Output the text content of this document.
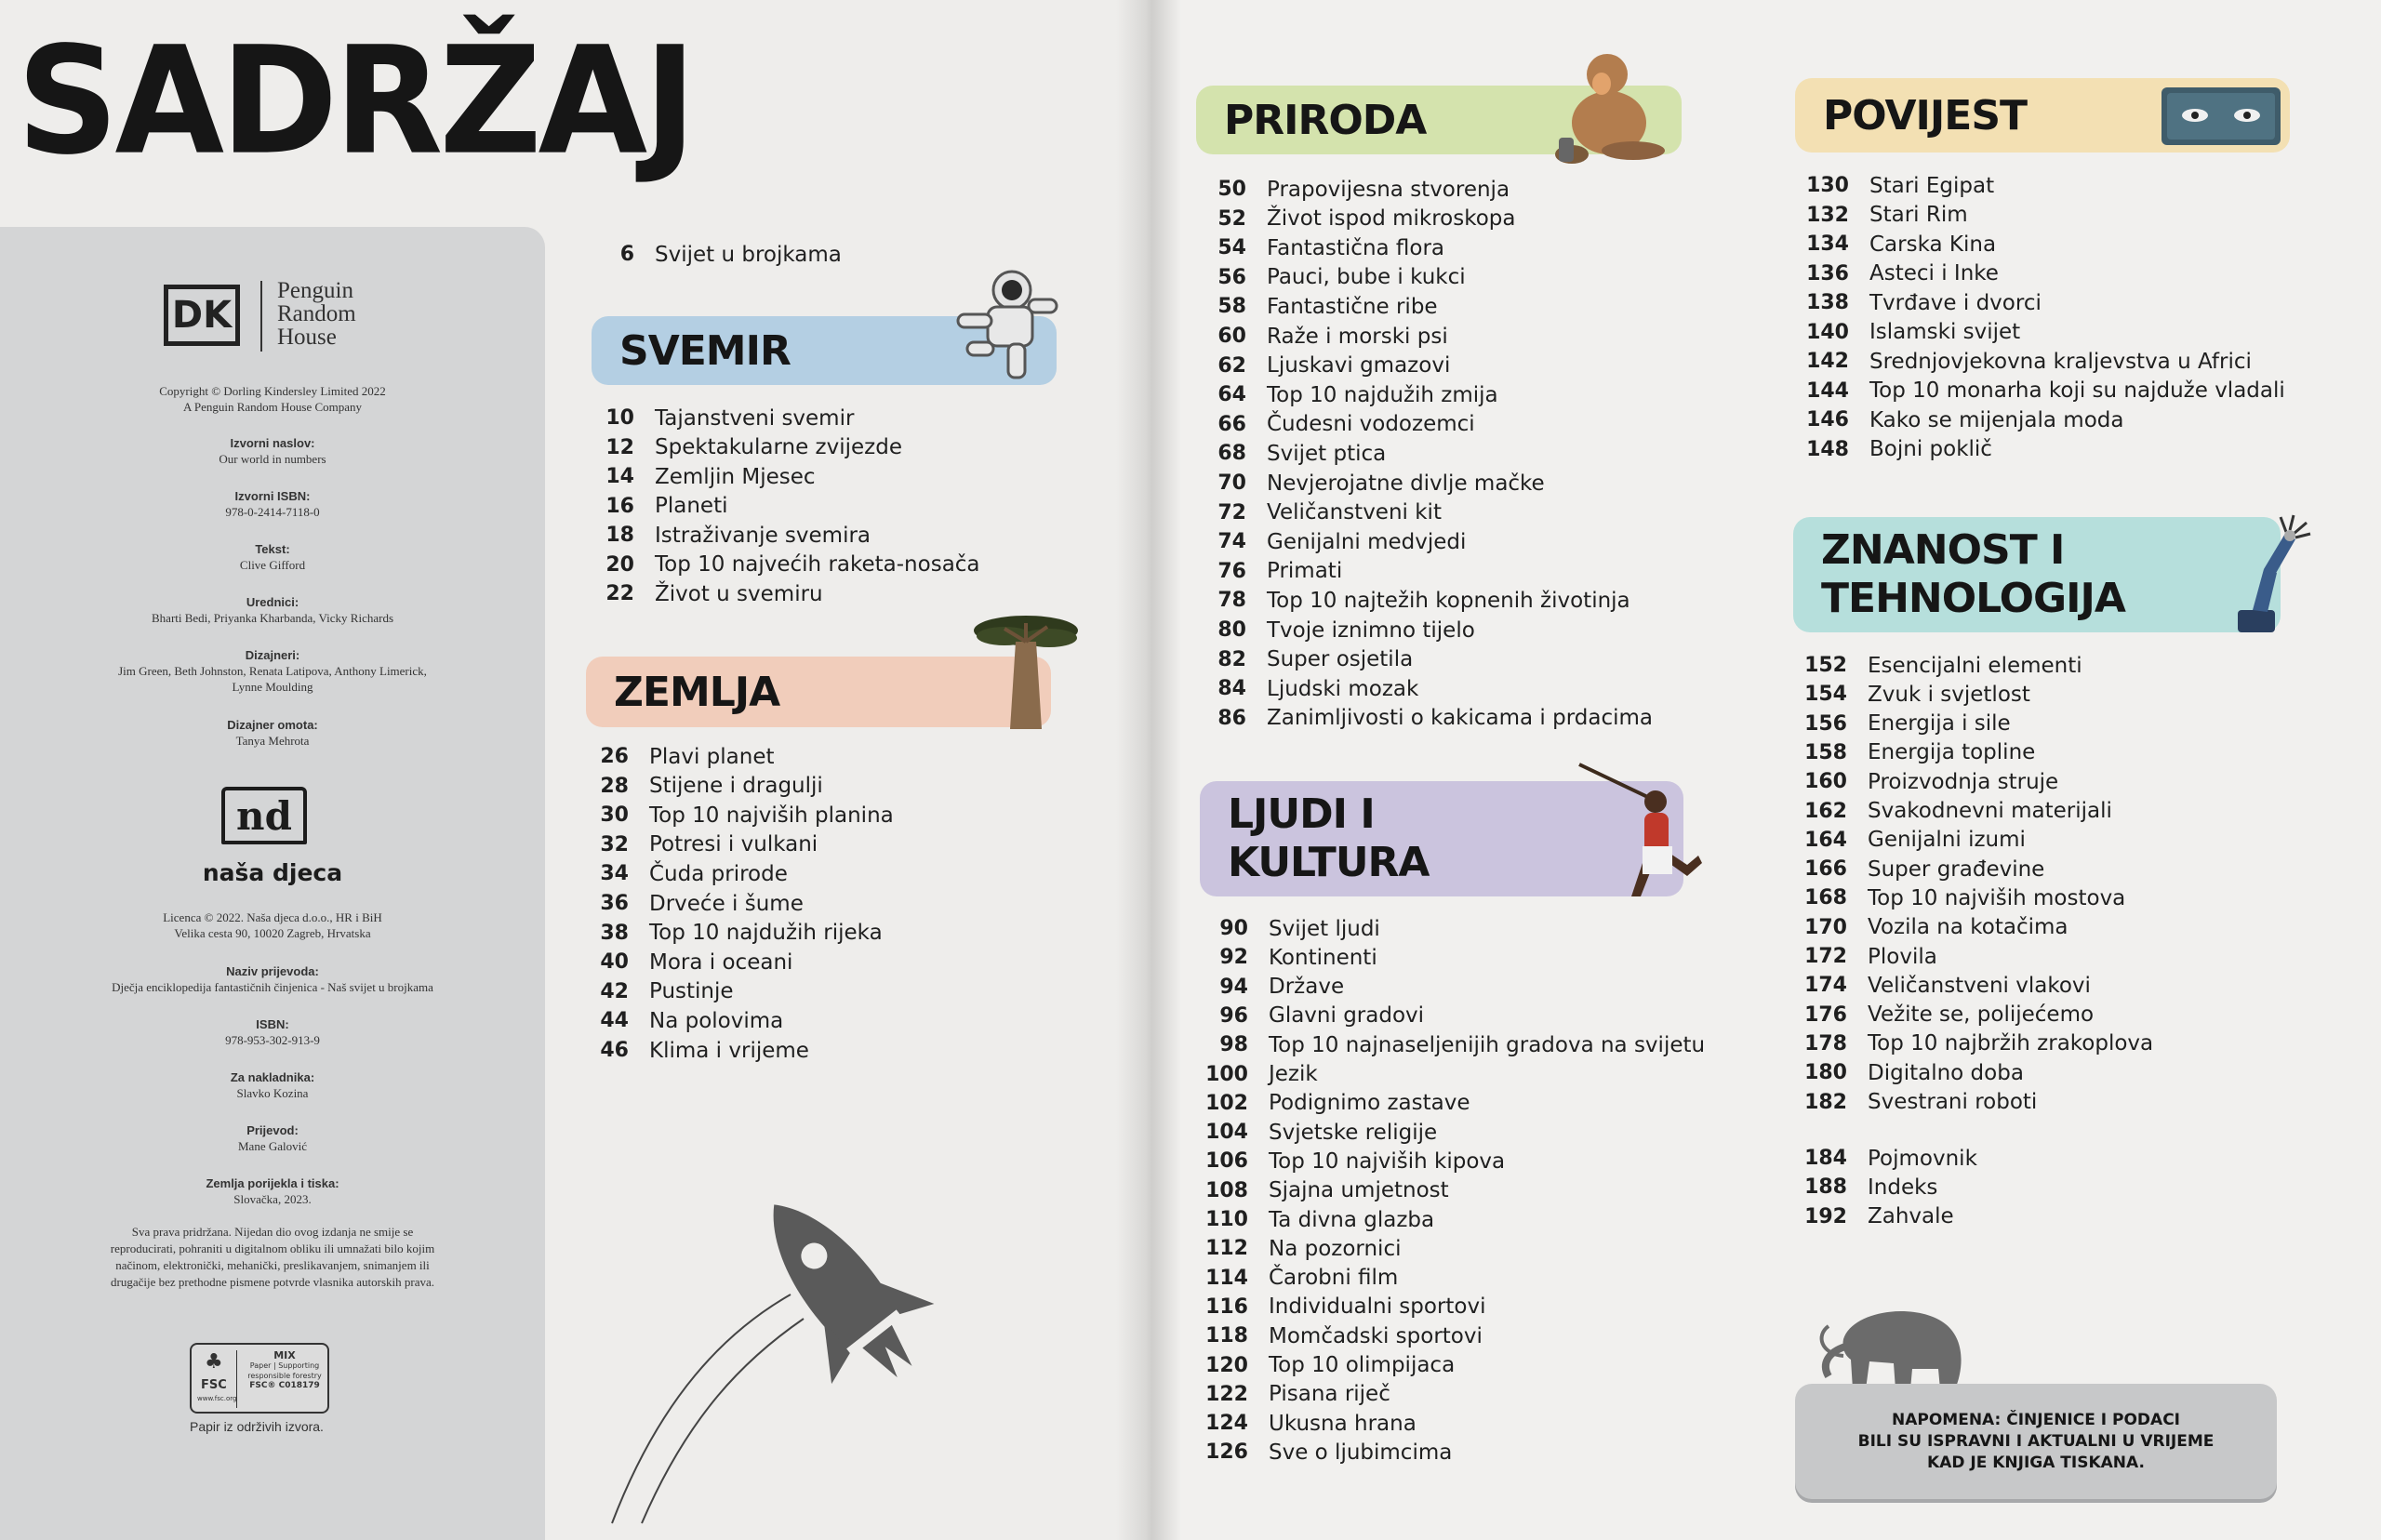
SADRŽAJ
DK
Penguin
Random
House
Copyright © Dorling Kindersley Limited 2022
A Penguin Random House Company
Izvorni naslov:
Our world in numbers
Izvorni ISBN:
978-0-2414-7118-0
Tekst:
Clive Gifford
Urednici:
Bharti Bedi, Priyanka Kharbanda, Vicky Richards
Dizajneri:
Jim Green, Beth Johnston, Renata Latipova, Anthony Limerick,
Lynne Moulding
Dizajner omota:
Tanya Mehrota
nd
naša djeca
Licenca © 2022. Naša djeca d.o.o., HR i BiH
Velika cesta 90, 10020 Zagreb, Hrvatska
Naziv prijevoda:
Dječja enciklopedija fantastičnih činjenica - Naš svijet u brojkama
ISBN:
978-953-302-913-9
Za nakladnika:
Slavko Kozina
Prijevod:
Mane Galović
Zemlja porijekla i tiska:
Slovačka, 2023.
Sva prava pridržana. Nijedan dio ovog izdanja ne smije se
reproducirati, pohraniti u digitalnom obliku ili umnažati bilo kojim
načinom, elektronički, mehanički, preslikavanjem, snimanjem ili
drugačije bez prethodne pismene potvrde vlasnika autorskih prava.
♣
FSC
www.fsc.org
MIX
Paper | Supporting
responsible forestry
FSC® C018179
Papir iz održivih izvora.
6 Svijet u brojkama
SVEMIR
10 Tajanstveni svemir
12 Spektakularne zvijezde
14 Zemljin Mjesec
16 Planeti
18 Istraživanje svemira
20 Top 10 najvećih raketa-nosača
22 Život u svemiru
ZEMLJA
26 Plavi planet
28 Stijene i dragulji
30 Top 10 najviših planina
32 Potresi i vulkani
34 Čuda prirode
36 Drveće i šume
38 Top 10 najdužih rijeka
40 Mora i oceani
42 Pustinje
44 Na polovima
46 Klima i vrijeme
PRIRODA
50 Prapovijesna stvorenja
52 Život ispod mikroskopa
54 Fantastična flora
56 Pauci, bube i kukci
58 Fantastične ribe
60 Raže i morski psi
62 Ljuskavi gmazovi
64 Top 10 najdužih zmija
66 Čudesni vodozemci
68 Svijet ptica
70 Nevjerojatne divlje mačke
72 Veličanstveni kit
74 Genijalni medvjedi
76 Primati
78 Top 10 najtežih kopnenih životinja
80 Tvoje iznimno tijelo
82 Super osjetila
84 Ljudski mozak
86 Zanimljivosti o kakicama i prdacima
LJUDI I
KULTURA
90 Svijet ljudi
92 Kontinenti
94 Države
96 Glavni gradovi
98 Top 10 najnaseljenijih gradova na svijetu
100 Jezik
102 Podignimo zastave
104 Svjetske religije
106 Top 10 najviših kipova
108 Sjajna umjetnost
110 Ta divna glazba
112 Na pozornici
114 Čarobni film
116 Individualni sportovi
118 Momčadski sportovi
120 Top 10 olimpijaca
122 Pisana riječ
124 Ukusna hrana
126 Sve o ljubimcima
POVIJEST
130 Stari Egipat
132 Stari Rim
134 Carska Kina
136 Asteci i Inke
138 Tvrđave i dvorci
140 Islamski svijet
142 Srednjovjekovna kraljevstva u Africi
144 Top 10 monarha koji su najduže vladali
146 Kako se mijenjala moda
148 Bojni poklič
ZNANOST I
TEHNOLOGIJA
152 Esencijalni elementi
154 Zvuk i svjetlost
156 Energija i sile
158 Energija topline
160 Proizvodnja struje
162 Svakodnevni materijali
164 Genijalni izumi
166 Super građevine
168 Top 10 najviših mostova
170 Vozila na kotačima
172 Plovila
174 Veličanstveni vlakovi
176 Vežite se, polijećemo
178 Top 10 najbržih zrakoplova
180 Digitalno doba
182 Svestrani roboti
184 Pojmovnik
188 Indeks
192 Zahvale
NAPOMENA: ČINJENICE I PODACI
BILI SU ISPRAVNI I AKTUALNI U VRIJEME
KAD JE KNJIGA TISKANA.
